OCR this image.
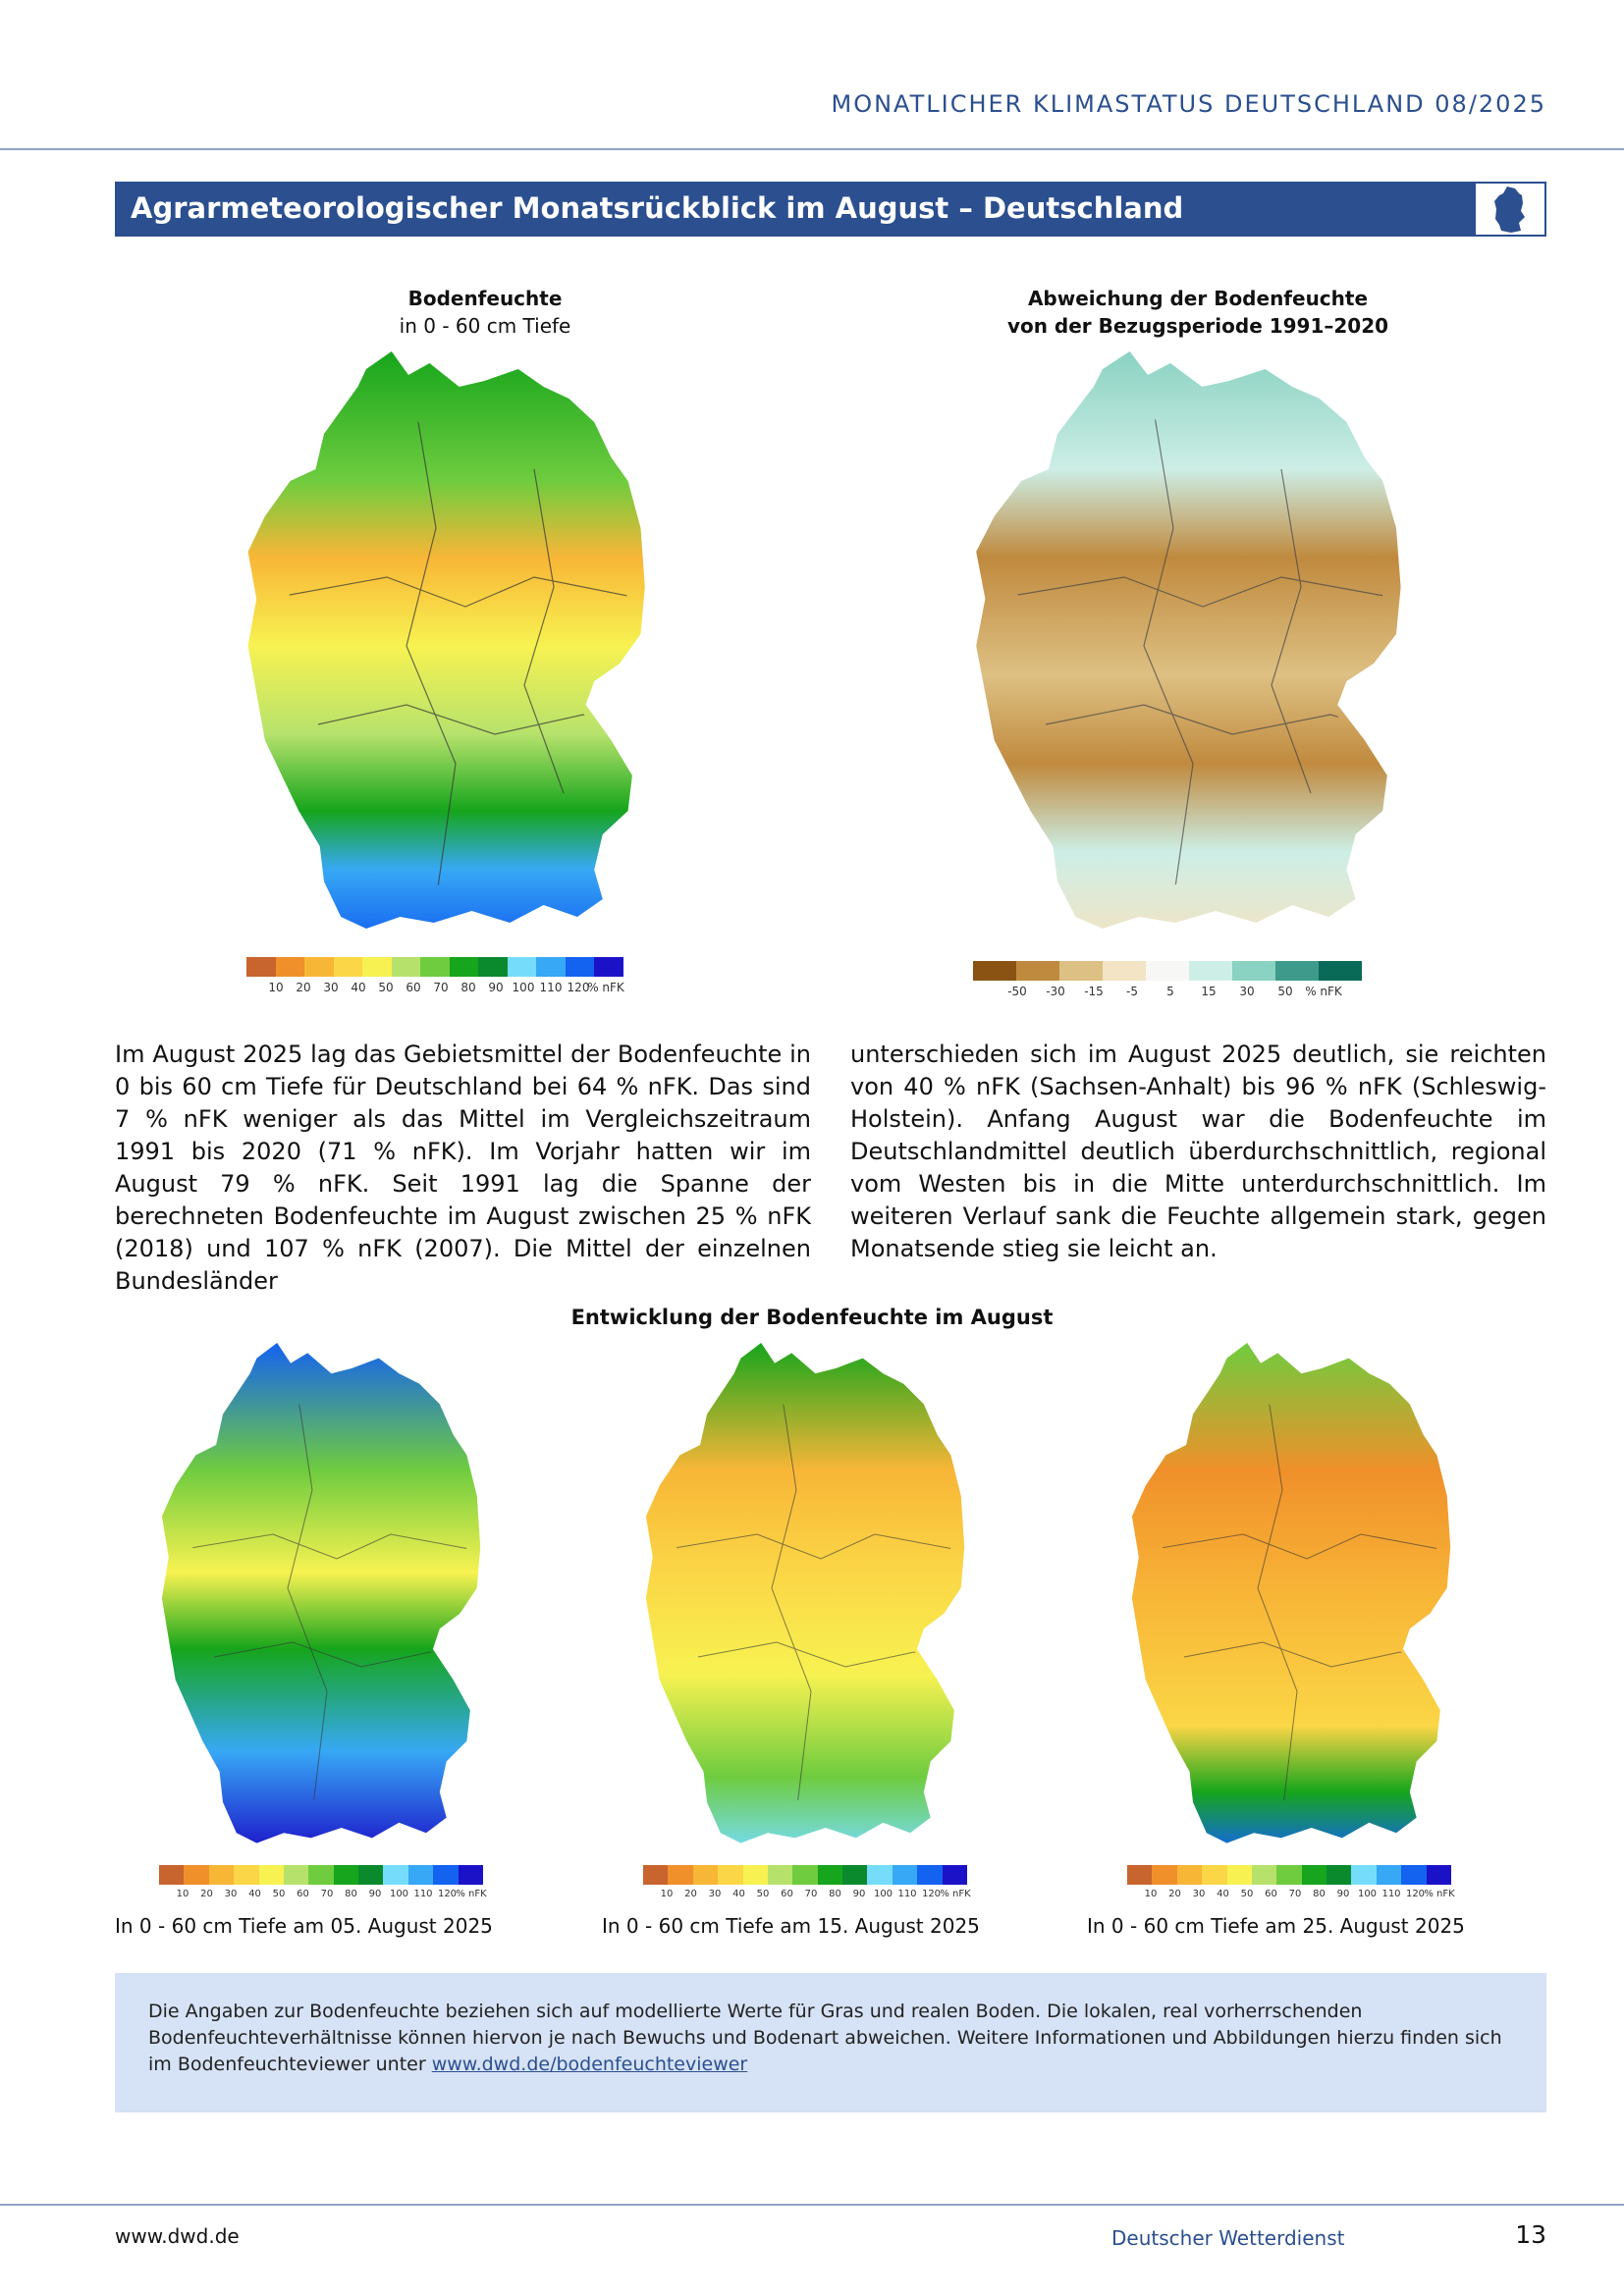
MONATLICHER KLIMASTATUS DEUTSCHLAND 08/2025
Agrarmeteorologischer Monatsrückblick im August – Deutschland
Bodenfeuchte
in 0 - 60 cm Tiefe
Abweichung der Bodenfeuchte
von der Bezugsperiode 1991–2020
10 20 30 40 50 60 70 80 90 100 110 120
% nFK	-50 -30 -15 -5 5 15 30 50 % nFK
Im August 2025 lag das Gebietsmittel der Bodenfeuchte in 0 bis 60 cm Tiefe für Deutschland bei 64 % nFK. Das sind 7 % nFK weniger als das Mittel im Vergleichszeitraum 1991 bis 2020 (71 % nFK). Im Vorjahr hatten wir im August 79 % nFK. Seit 1991 lag die Spanne der berechneten Bodenfeuchte im August zwischen 25 % nFK (2018) und 107 % nFK (2007). Die Mittel der einzelnen Bundesländer
unterschieden sich im August 2025 deutlich, sie reichten von 40 % nFK (Sachsen-Anhalt) bis 96 % nFK (Schleswig-Holstein). Anfang August war die Bodenfeuchte im Deutschlandmittel deutlich überdurchschnittlich, regional vom Westen bis in die Mitte unterdurchschnittlich. Im weiteren Verlauf sank die Feuchte allgemein stark, gegen Monatsende stieg sie leicht an.
Entwicklung der Bodenfeuchte im August
10 20 30 40 50 60 70 80 90 100 110 120 % nFK	10 20 30 40 50 60 70 80 90 100 110 120 % nFK	10 20 30 40 50 60 70 80 90 100 110 120 % nFK
In 0 - 60 cm Tiefe am 05. August 2025	In 0 - 60 cm Tiefe am 15. August 2025	In 0 - 60 cm Tiefe am 25. August 2025
Die Angaben zur Bodenfeuchte beziehen sich auf modellierte Werte für Gras und realen Boden. Die lokalen, real vorherrschenden Bodenfeuchteverhältnisse können hiervon je nach Bewuchs und Bodenart abweichen. Weitere Informationen und Abbildungen hierzu finden sich im Bodenfeuchteviewer unter www.dwd.de/bodenfeuchteviewer
www.dwd.de	Deutscher Wetterdienst	13
